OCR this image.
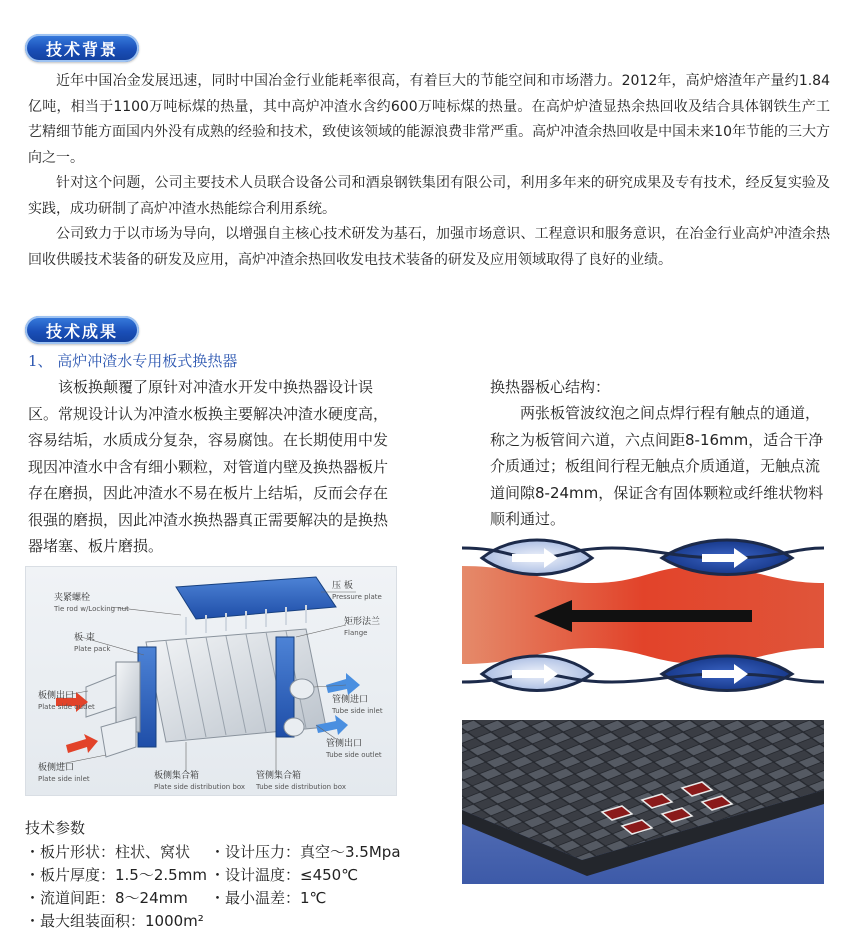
技术背景

近年中国冶金发展迅速，同时中国冶金行业能耗率很高，有着巨大的节能空间和市场潜力。2012年，高炉熔渣年产量约1.84亿吨，相当于1100万吨标煤的热量，其中高炉冲渣水含约600万吨标煤的热量。在高炉炉渣显热余热回收及结合具体钢铁生产工艺精细节能方面国内外没有成熟的经验和技术，致使该领域的能源浪费非常严重。高炉冲渣余热回收是中国未来10年节能的三大方向之一。

针对这个问题，公司主要技术人员联合设备公司和酒泉钢铁集团有限公司，利用多年来的研究成果及专有技术，经反复实验及实践，成功研制了高炉冲渣水热能综合利用系统。

公司致力于以市场为导向，以增强自主核心技术研发为基石，加强市场意识、工程意识和服务意识，在冶金行业高炉冲渣余热回收供暖技术装备的研发及应用，高炉冲渣余热回收发电技术装备的研发及应用领域取得了良好的业绩。

技术成果
1、 高炉冲渣水专用板式换热器

该板换颠覆了原针对冲渣水开发中换热器设计误区。常规设计认为冲渣水板换主要解决冲渣水硬度高，容易结垢，水质成分复杂，容易腐蚀。在长期使用中发现因冲渣水中含有细小颗粒，对管道内壁及换热器板片存在磨损，因此冲渣水不易在板片上结垢，反而会存在很强的磨损，因此冲渣水换热器真正需要解决的是换热器堵塞、板片磨损。

换热器板心结构：

两张板管波纹泡之间点焊行程有触点的通道，称之为板管间六道，六点间距8-16mm，适合干净介质通过；板组间行程无触点介质通道，无触点流道间隙8-24mm，保证含有固体颗粒或纤维状物料顺利通过。

夹紧螺栓
Tie rod w/Locking nut
压 板
Pressure plate
矩形法兰
Flange
板 束
Plate pack
板侧出口
Plate side outlet
管侧进口
Tube side inlet
管侧出口
Tube side outlet
板侧进口
Plate side inlet	板侧集合箱
Plate side distribution box
管侧集合箱
Tube side distribution box
技术参数
・板片形状：柱状、窝状 ・设计压力：真空～3.5Mpa
・板片厚度：1.5～2.5mm ・设计温度：≤450℃
・流道间距：8～24mm ・最小温差：1℃
・最大组装面积：1000m²
